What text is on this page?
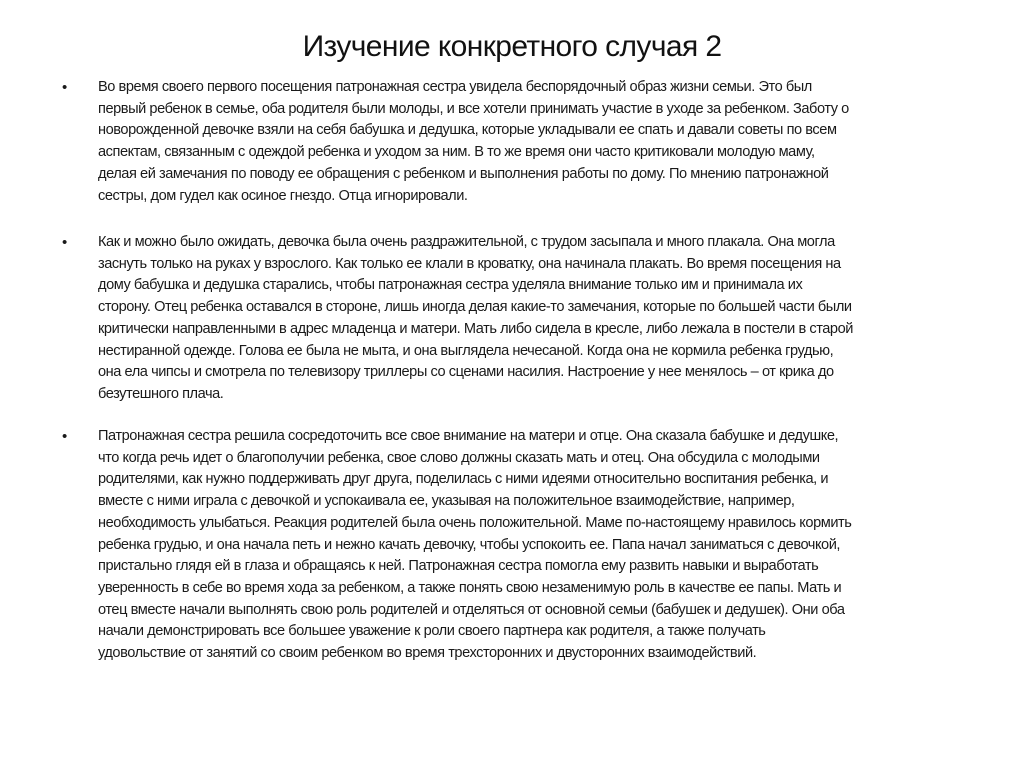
Изучение конкретного случая 2
• Во время своего первого посещения патронажная сестра увидела беспорядочный образ жизни семьи. Это был
первый ребенок в семье, оба родителя были молоды, и все хотели принимать участие в уходе за ребенком. Заботу о
новорожденной девочке взяли на себя бабушка и дедушка, которые укладывали ее спать и давали советы по всем
аспектам, связанным с одеждой ребенка и уходом за ним. В то же время они часто критиковали молодую маму,
делая ей замечания по поводу ее обращения с ребенком и выполнения работы по дому. По мнению патронажной
сестры, дом гудел как осиное гнездо. Отца игнорировали.
• Как и можно было ожидать, девочка была очень раздражительной, с трудом засыпала и много плакала. Она могла
заснуть только на руках у взрослого. Как только ее клали в кроватку, она начинала плакать. Во время посещения на
дому бабушка и дедушка старались, чтобы патронажная сестра уделяла внимание только им и принимала их
сторону. Отец ребенка оставался в стороне, лишь иногда делая какие-то замечания, которые по большей части были
критически направленными в адрес младенца и матери. Мать либо сидела в кресле, либо лежала в постели в старой
нестиранной одежде. Голова ее была не мыта, и она выглядела нечесаной. Когда она не кормила ребенка грудью,
она ела чипсы и смотрела по телевизору триллеры со сценами насилия. Настроение у нее менялось – от крика до
безутешного плача.
• Патронажная сестра решила сосредоточить все свое внимание на матери и отце. Она сказала бабушке и дедушке,
что когда речь идет о благополучии ребенка, свое слово должны сказать мать и отец. Она обсудила с молодыми
родителями, как нужно поддерживать друг друга, поделилась с ними идеями относительно воспитания ребенка, и
вместе с ними играла с девочкой и успокаивала ее, указывая на положительное взаимодействие, например,
необходимость улыбаться. Реакция родителей была очень положительной. Маме по-настоящему нравилось кормить
ребенка грудью, и она начала петь и нежно качать девочку, чтобы успокоить ее. Папа начал заниматься с девочкой,
пристально глядя ей в глаза и обращаясь к ней. Патронажная сестра помогла ему развить навыки и выработать
уверенность в себе во время хода за ребенком, а также понять свою незаменимую роль в качестве ее папы. Мать и
отец вместе начали выполнять свою роль родителей и отделяться от основной семьи (бабушек и дедушек). Они оба
начали демонстрировать все большее уважение к роли своего партнера как родителя, а также получать
удовольствие от занятий со своим ребенком во время трехсторонних и двусторонних взаимодействий.
